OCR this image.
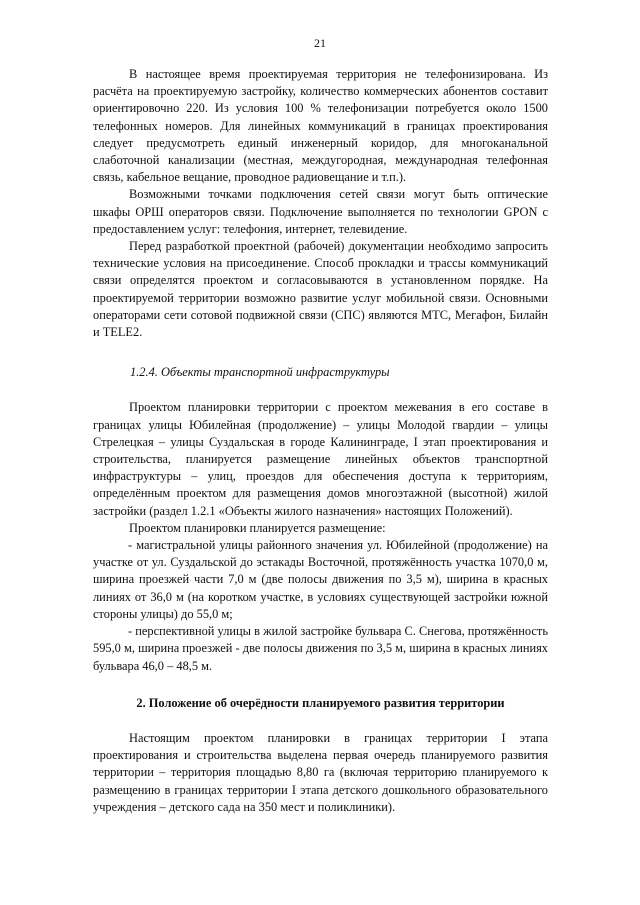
21

В настоящее время проектируемая территория не телефонизирована. Из расчёта на проектируемую застройку, количество коммерческих абонентов составит ориентировочно 220. Из условия 100 % телефонизации потребуется около 1500 телефонных номеров. Для линейных коммуникаций в границах проектирования следует предусмотреть единый инженерный коридор, для многоканальной слаботочной канализации (местная, междугородная, международная телефонная связь, кабельное вещание, проводное радиовещание и т.п.).

Возможными точками подключения сетей связи могут быть оптические шкафы ОРШ операторов связи. Подключение выполняется по технологии GPON с предоставлением услуг: телефония, интернет, телевидение.

Перед разработкой проектной (рабочей) документации необходимо запросить технические условия на присоединение. Способ прокладки и трассы коммуникаций связи определятся проектом и согласовываются в установленном порядке. На проектируемой территории возможно развитие услуг мобильной связи. Основными операторами сети сотовой подвижной связи (СПС) являются МТС, Мегафон, Билайн и TELE2.

1.2.4. Объекты транспортной инфраструктуры

Проектом планировки территории с проектом межевания в его составе в границах улицы Юбилейная (продолжение) – улицы Молодой гвардии – улицы Стрелецкая – улицы Суздальская в городе Калининграде, I этап проектирования и строительства, планируется размещение линейных объектов транспортной инфраструктуры – улиц, проездов для обеспечения доступа к территориям, определённым проектом для размещения домов многоэтажной (высотной) жилой застройки (раздел 1.2.1 «Объекты жилого назначения» настоящих Положений).

Проектом планировки планируется размещение:

- магистральной улицы районного значения ул. Юбилейной (продолжение) на участке от ул. Суздальской до эстакады Восточной, протяжённость участка 1070,0 м, ширина проезжей части 7,0 м (две полосы движения по 3,5 м), ширина в красных линиях от 36,0 м (на коротком участке, в условиях существующей застройки южной стороны улицы) до 55,0 м;

- перспективной улицы в жилой застройке бульвара С. Снегова, протяжённость 595,0 м, ширина проезжей - две полосы движения по 3,5 м, ширина в красных линиях бульвара 46,0 – 48,5 м.

2. Положение об очерёдности планируемого развития территории

Настоящим проектом планировки в границах территории I этапа проектирования и строительства выделена первая очередь планируемого развития территории – территория площадью 8,80 га (включая территорию планируемого к размещению в границах территории I этапа детского дошкольного образовательного учреждения – детского сада на 350 мест и поликлиники).
